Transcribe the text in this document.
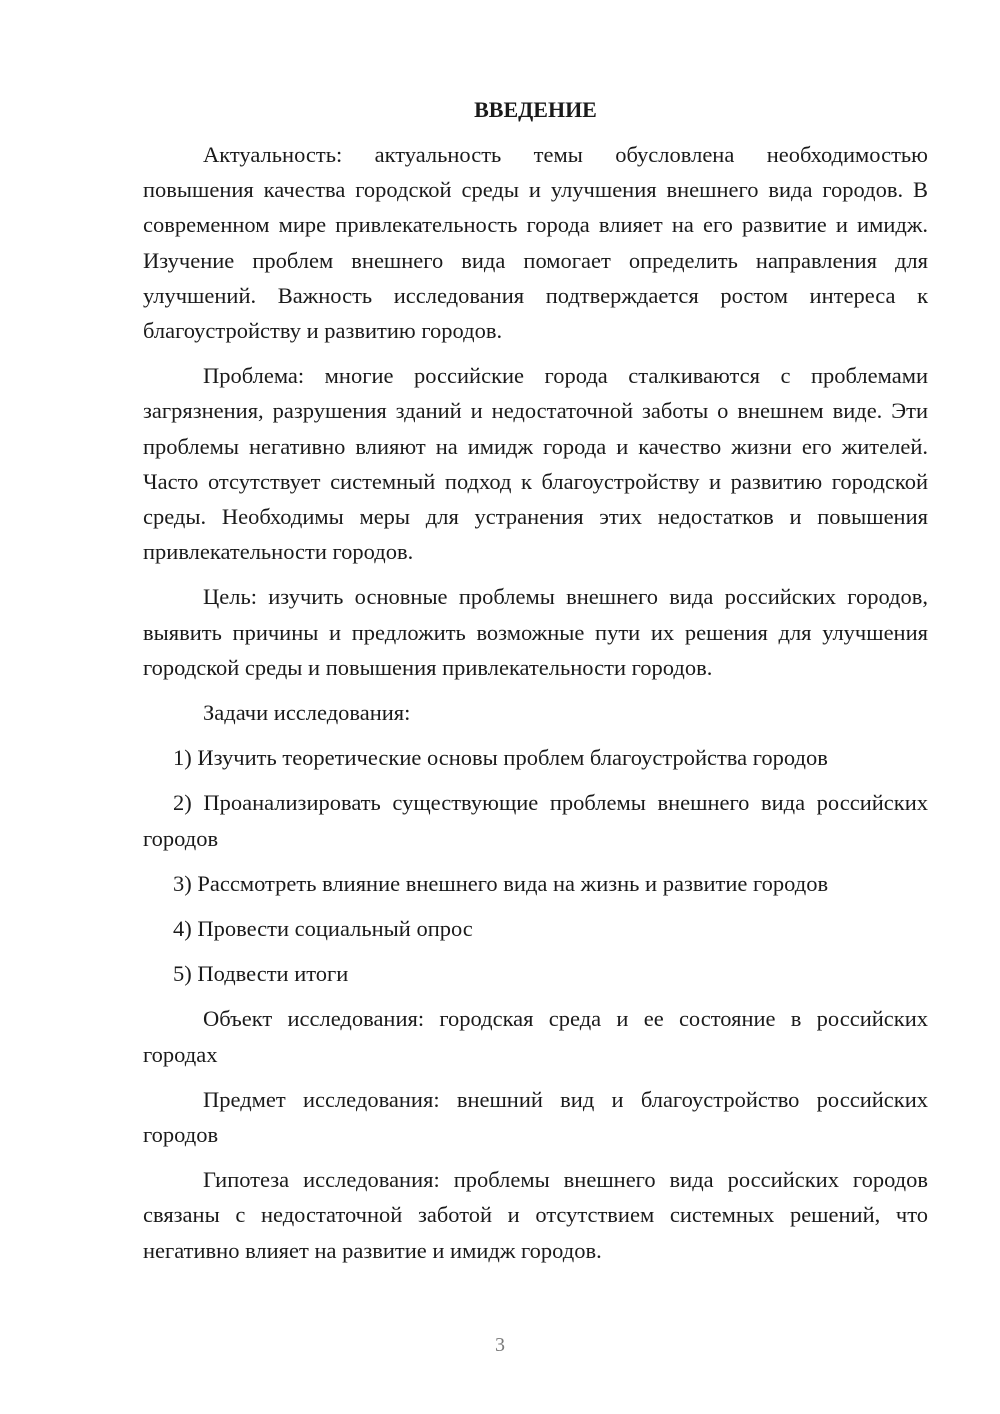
ВВЕДЕНИЕ

Актуальность: актуальность темы обусловлена необходимостью повышения качества городской среды и улучшения внешнего вида городов. В современном мире привлекательность города влияет на его развитие и имидж. Изучение проблем внешнего вида помогает определить направления для улучшений. Важность исследования подтверждается ростом интереса к благоустройству и развитию городов.

Проблема: многие российские города сталкиваются с проблемами загрязнения, разрушения зданий и недостаточной заботы о внешнем виде. Эти проблемы негативно влияют на имидж города и качество жизни его жителей. Часто отсутствует системный подход к благоустройству и развитию городской среды. Необходимы меры для устранения этих недостатков и повышения привлекательности городов.

Цель: изучить основные проблемы внешнего вида российских городов, выявить причины и предложить возможные пути их решения для улучшения городской среды и повышения привлекательности городов.

Задачи исследования:

1) Изучить теоретические основы проблем благоустройства городов

2) Проанализировать существующие проблемы внешнего вида российских городов

3) Рассмотреть влияние внешнего вида на жизнь и развитие городов

4) Провести социальный опрос

5) Подвести итоги

Объект исследования: городская среда и ее состояние в российских городах

Предмет исследования: внешний вид и благоустройство российских городов

Гипотеза исследования: проблемы внешнего вида российских городов связаны с недостаточной заботой и отсутствием системных решений, что негативно влияет на развитие и имидж городов.

3
